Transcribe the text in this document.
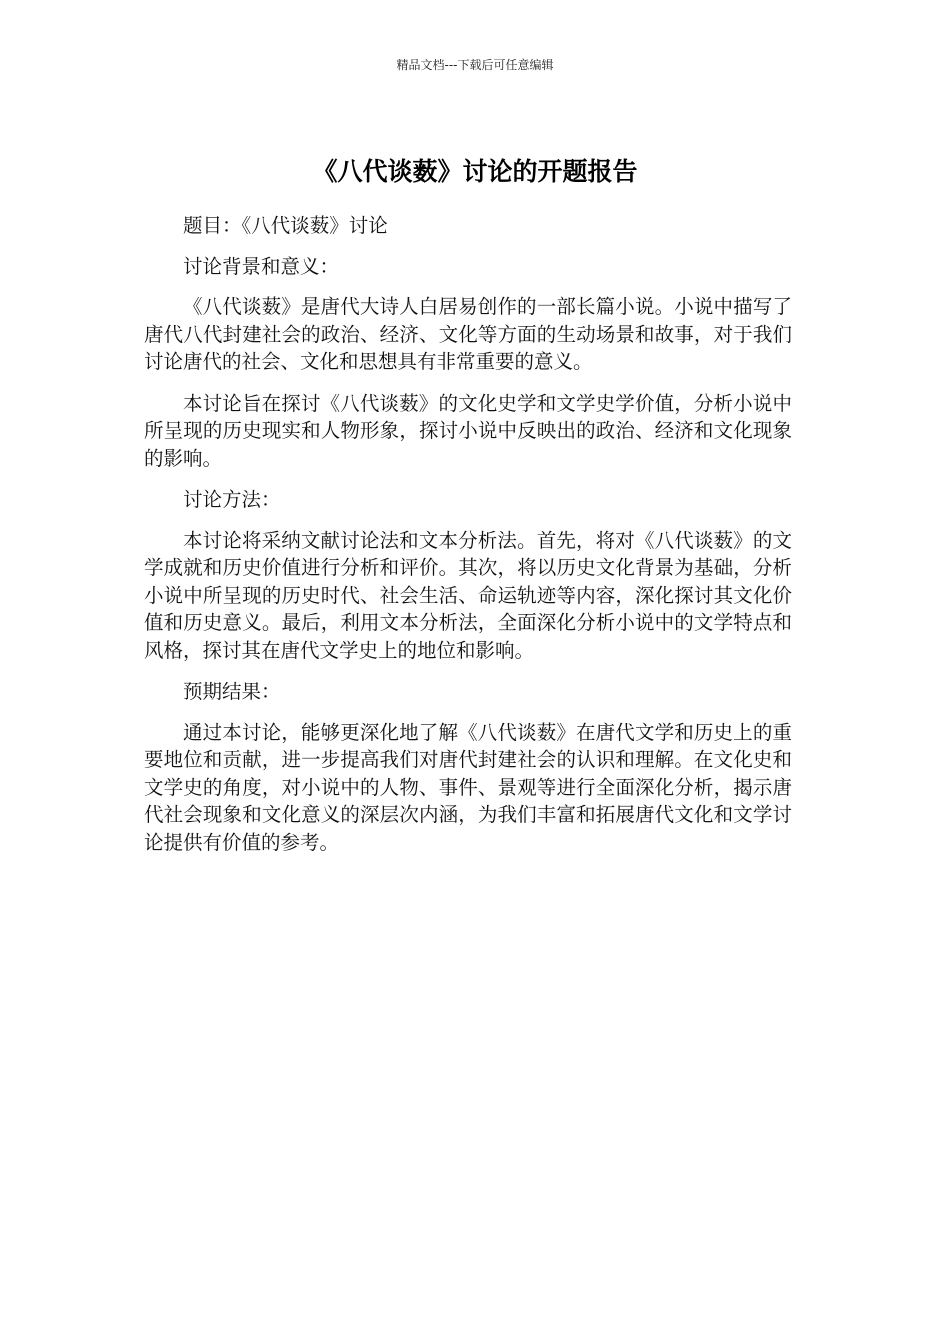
精品文档---下载后可任意编辑
《八代谈薮》讨论的开题报告

题目：《八代谈薮》讨论

讨论背景和意义：

《八代谈薮》是唐代大诗人白居易创作的一部长篇小说。小说中描写了唐代八代封建社会的政治、经济、文化等方面的生动场景和故事，对于我们讨论唐代的社会、文化和思想具有非常重要的意义。

本讨论旨在探讨《八代谈薮》的文化史学和文学史学价值，分析小说中所呈现的历史现实和人物形象，探讨小说中反映出的政治、经济和文化现象的影响。

讨论方法：

本讨论将采纳文献讨论法和文本分析法。首先，将对《八代谈薮》的文学成就和历史价值进行分析和评价。其次，将以历史文化背景为基础，分析小说中所呈现的历史时代、社会生活、命运轨迹等内容，深化探讨其文化价值和历史意义。最后，利用文本分析法，全面深化分析小说中的文学特点和风格，探讨其在唐代文学史上的地位和影响。

预期结果：

通过本讨论，能够更深化地了解《八代谈薮》在唐代文学和历史上的重要地位和贡献，进一步提高我们对唐代封建社会的认识和理解。在文化史和文学史的角度，对小说中的人物、事件、景观等进行全面深化分析，揭示唐代社会现象和文化意义的深层次内涵，为我们丰富和拓展唐代文化和文学讨论提供有价值的参考。
